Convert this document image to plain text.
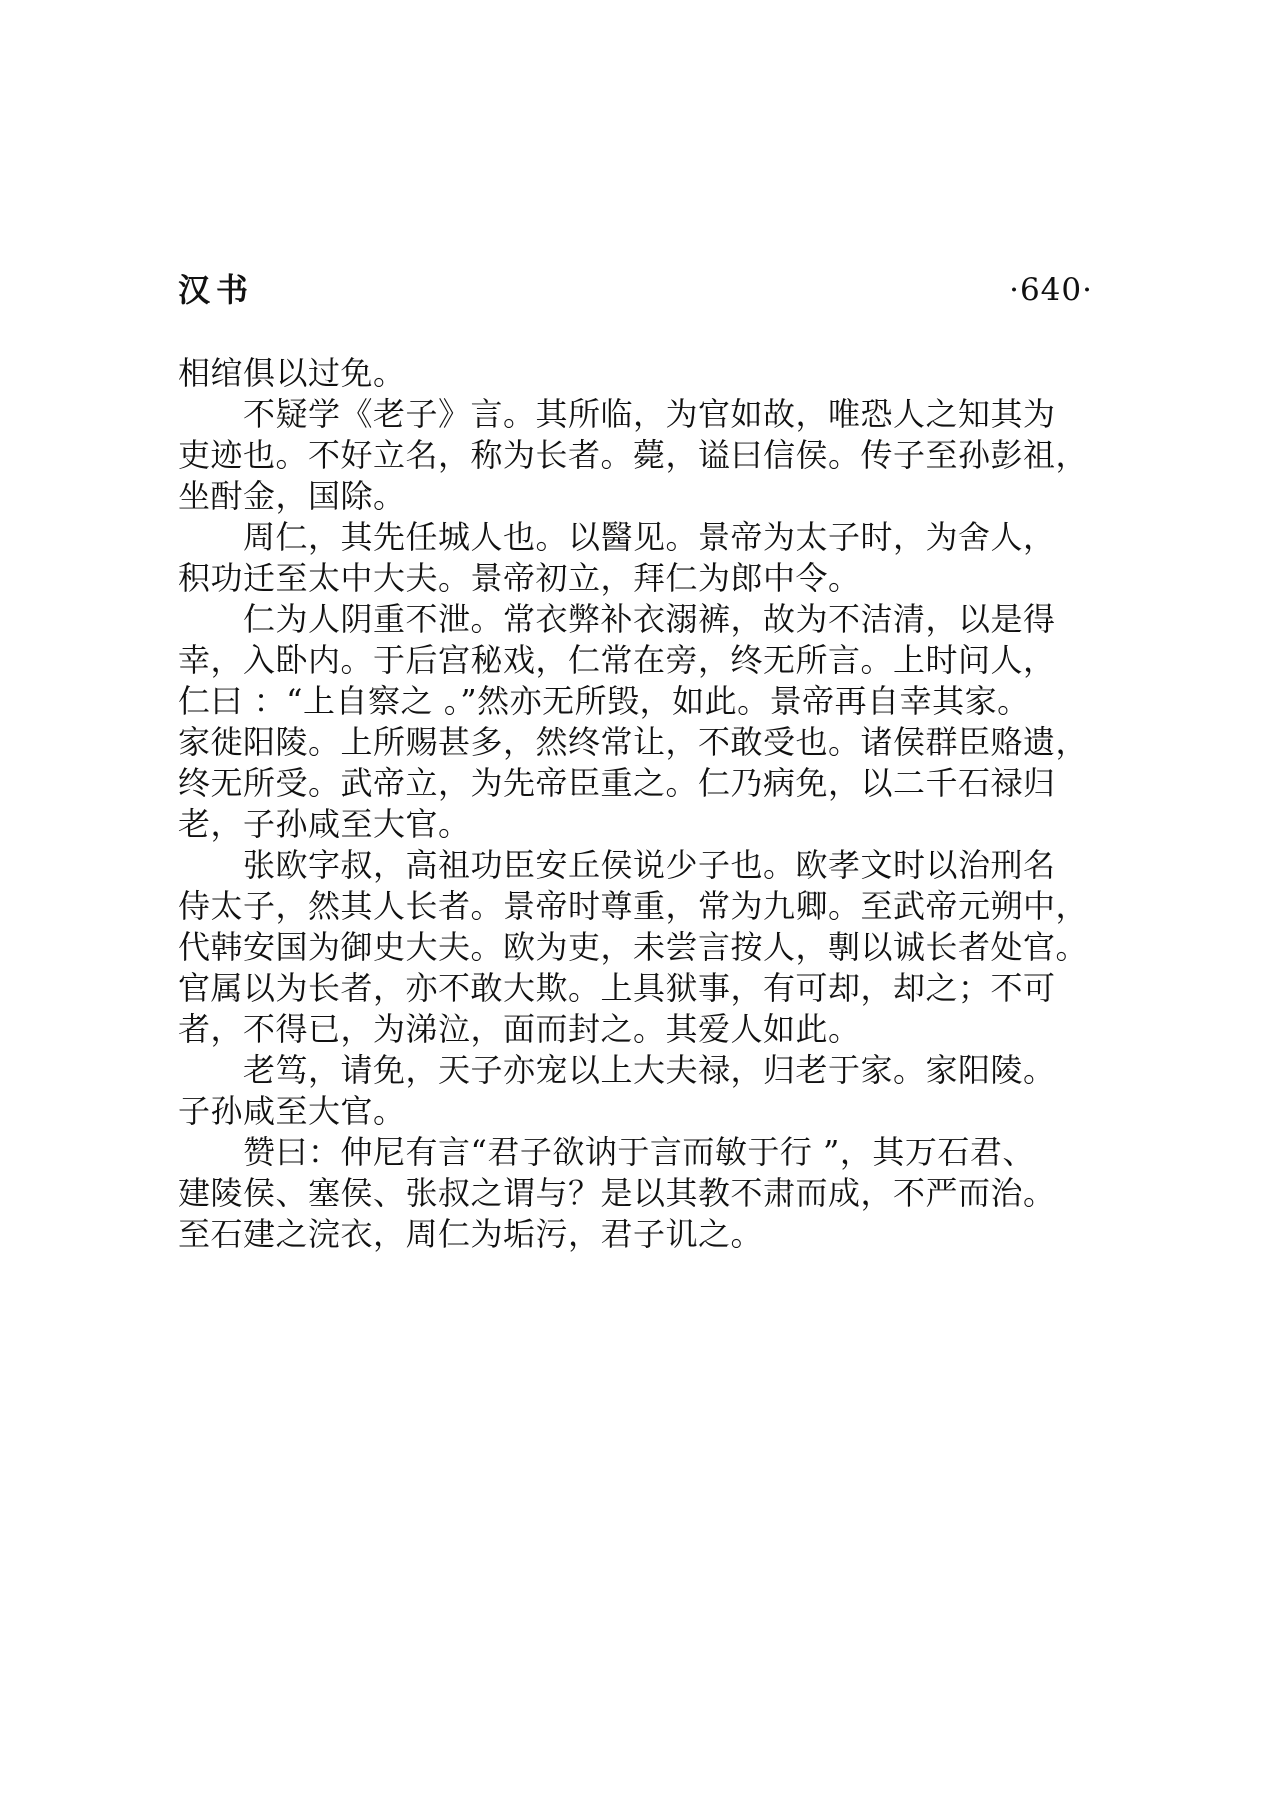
汉书	·640·
相绾俱以过免。
不疑学《老子》言。其所临，为官如故，唯恐人之知其为
吏迹也。不好立名，称为长者。薨，谥曰信侯。传子至孙彭祖，
坐酎金，国除。
周仁，其先任城人也。以醫见。景帝为太子时，为舍人，
积功迁至太中大夫。景帝初立，拜仁为郎中令。
仁为人阴重不泄。常衣弊补衣溺裤，故为不洁清，以是得
幸，入卧内。于后宫秘戏，仁常在旁，终无所言。上时问人，
仁曰 ：“上自察之 。”然亦无所毁，如此。景帝再自幸其家。
家徙阳陵。上所赐甚多，然终常让，不敢受也。诸侯群臣赂遗，
终无所受。武帝立，为先帝臣重之。仁乃病免，以二千石禄归
老，子孙咸至大官。
张欧字叔，高祖功臣安丘侯说少子也。欧孝文时以治刑名
侍太子，然其人长者。景帝时尊重，常为九卿。至武帝元朔中，
代韩安国为御史大夫。欧为吏，未尝言按人，剸以诚长者处官。
官属以为长者，亦不敢大欺。上具狱事，有可却，却之；不可
者，不得已，为涕泣，面而封之。其爱人如此。
老笃，请免，天子亦宠以上大夫禄，归老于家。家阳陵。
子孙咸至大官。
赞曰：仲尼有言“君子欲讷于言而敏于行 ”，其万石君、
建陵侯、塞侯、张叔之谓与？是以其教不肃而成，不严而治。
至石建之浣衣，周仁为垢污，君子讥之。
